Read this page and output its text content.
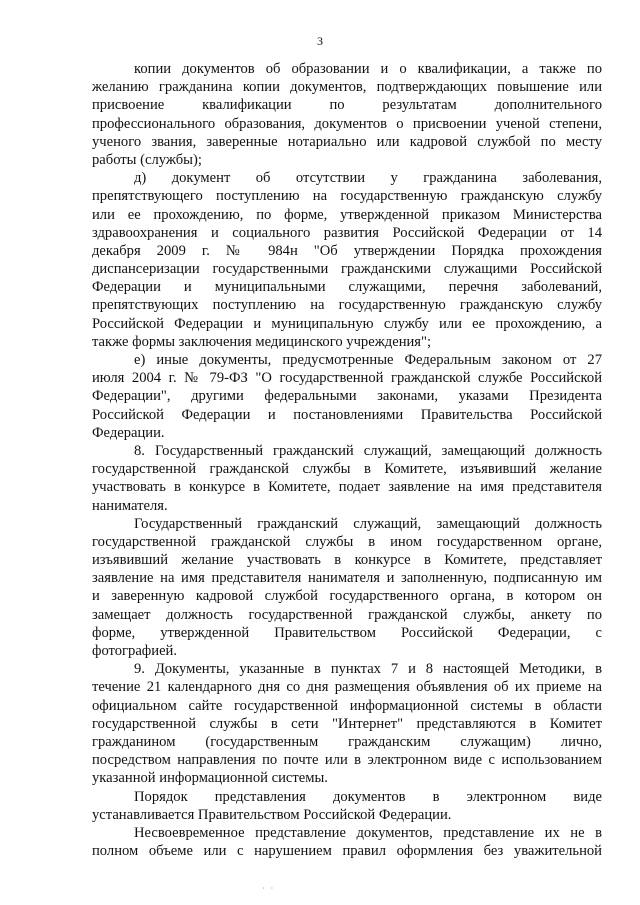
3
копии документов об образовании и о квалификации, а также по
желанию гражданина копии документов, подтверждающих повышение или
присвоение квалификации по результатам дополнительного
профессионального образования, документов о присвоении ученой степени,
ученого звания, заверенные нотариально или кадровой службой по месту
работы (службы);
д) документ об отсутствии у гражданина заболевания,
препятствующего поступлению на государственную гражданскую службу
или ее прохождению, по форме, утвержденной приказом Министерства
здравоохранения и социального развития Российской Федерации от 14
декабря 2009 г. № 984н "Об утверждении Порядка прохождения
диспансеризации государственными гражданскими служащими Российской
Федерации и муниципальными служащими, перечня заболеваний,
препятствующих поступлению на государственную гражданскую службу
Российской Федерации и муниципальную службу или ее прохождению, а
также формы заключения медицинского учреждения";
е) иные документы, предусмотренные Федеральным законом от 27
июля 2004 г. № 79-ФЗ "О государственной гражданской службе Российской
Федерации", другими федеральными законами, указами Президента
Российской Федерации и постановлениями Правительства Российской
Федерации.
8. Государственный гражданский служащий, замещающий должность
государственной гражданской службы в Комитете, изъявивший желание
участвовать в конкурсе в Комитете, подает заявление на имя представителя
нанимателя.
Государственный гражданский служащий, замещающий должность
государственной гражданской службы в ином государственном органе,
изъявивший желание участвовать в конкурсе в Комитете, представляет
заявление на имя представителя нанимателя и заполненную, подписанную им
и заверенную кадровой службой государственного органа, в котором он
замещает должность государственной гражданской службы, анкету по
форме, утвержденной Правительством Российской Федерации, с
фотографией.
9. Документы, указанные в пунктах 7 и 8 настоящей Методики, в
течение 21 календарного дня со дня размещения объявления об их приеме на
официальном сайте государственной информационной системы в области
государственной службы в сети "Интернет" представляются в Комитет
гражданином (государственным гражданским служащим) лично,
посредством направления по почте или в электронном виде с использованием
указанной информационной системы.
Порядок представления документов в электронном виде
устанавливается Правительством Российской Федерации.
Несвоевременное представление документов, представление их не в
полном объеме или с нарушением правил оформления без уважительной
· ·
